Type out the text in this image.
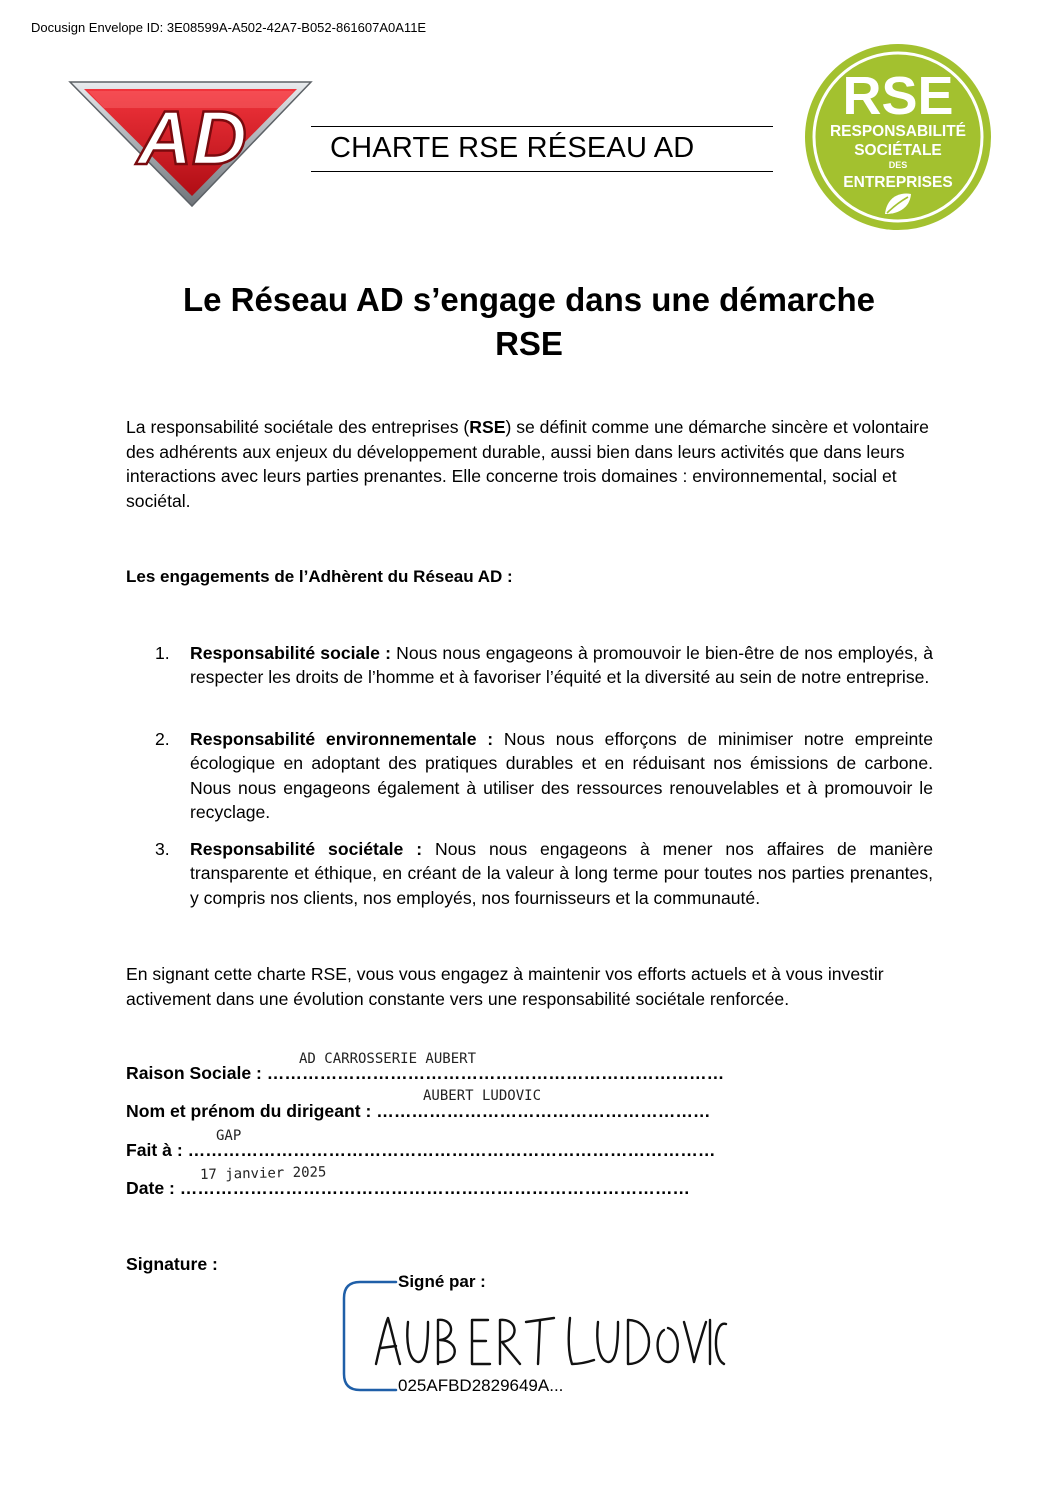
Docusign Envelope ID: 3E08599A-A502-42A7-B052-861607A0A11E
AD	CHARTE RSE RÉSEAU AD
RSE
RESPONSABILITÉ
SOCIÉTALE
DES
ENTREPRISES
Le Réseau AD s’engage dans une démarche
RSE
La responsabilité sociétale des entreprises (RSE) se définit comme une démarche sincère et volontaire des adhérents aux enjeux du développement durable, aussi bien dans leurs activités que dans leurs interactions avec leurs parties prenantes. Elle concerne trois domaines : environnemental, social et sociétal.
Les engagements de l’Adhèrent du Réseau AD :
1.	Responsabilité sociale : Nous nous engageons à promouvoir le bien-être de nos employés, à respecter les droits de l’homme et à favoriser l’équité et la diversité au sein de notre entreprise.
2.	Responsabilité environnementale : Nous nous efforçons de minimiser notre empreinte écologique en adoptant des pratiques durables et en réduisant nos émissions de carbone. Nous nous engageons également à utiliser des ressources renouvelables et à promouvoir le recyclage.
3.	Responsabilité sociétale : Nous nous engageons à mener nos affaires de manière transparente et éthique, en créant de la valeur à long terme pour toutes nos parties prenantes, y compris nos clients, nos employés, nos fournisseurs et la communauté.
En signant cette charte RSE, vous vous engagez à maintenir vos efforts actuels et à vous investir activement dans une évolution constante vers une responsabilité sociétale renforcée.
AD CARROSSERIE AUBERT
Raison Sociale : ……………………………………………………………………
AUBERT LUDOVIC
Nom et prénom du dirigeant : …………………………………………………
GAP
Fait à : ………………………………………………………………………………
17 janvier 2025
Date : ……………………………………………………………………………
Signature :
Signé par :
025AFBD2829649A...
